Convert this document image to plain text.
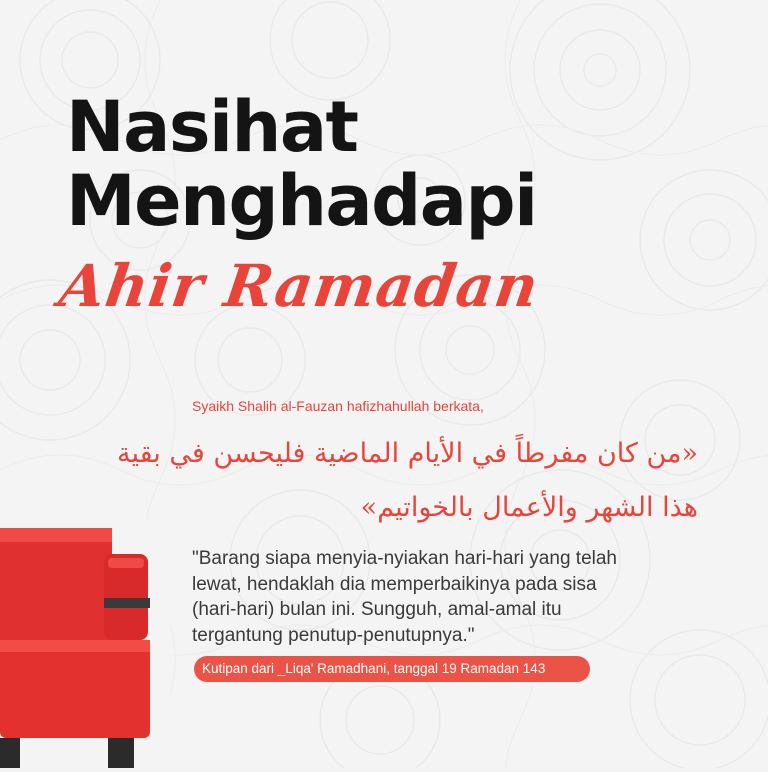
Nasihat
Menghadapi
Ahir Ramadan
Syaikh Shalih al-Fauzan hafizhahullah berkata,
«من كان مفرطاً في الأيام الماضية فليحسن في بقية
هذا الشهر والأعمال بالخواتيم»
"Barang siapa menyia-nyiakan hari-hari yang telah
lewat, hendaklah dia memperbaikinya pada sisa
(hari-hari) bulan ini. Sungguh, amal-amal itu
tergantung penutup-penutupnya."
Kutipan dari _Liqa' Ramadhani, tanggal 19 Ramadan 143
